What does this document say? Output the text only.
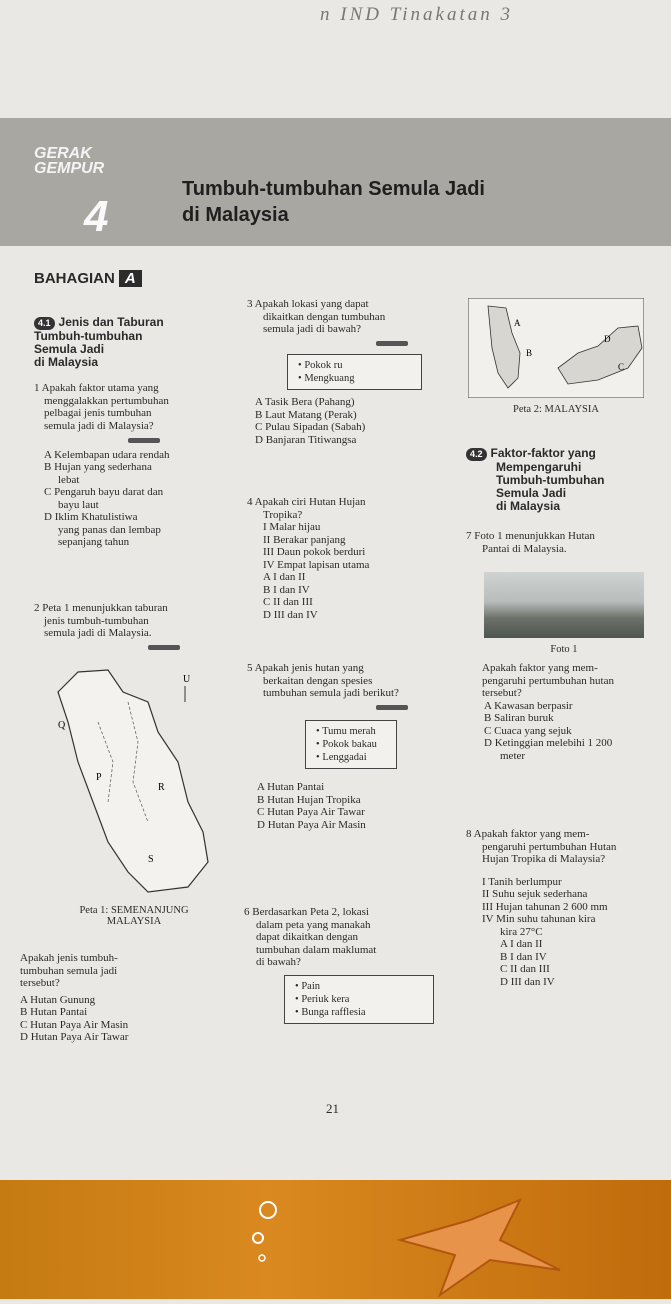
n IND Tinakatan 3
GERAK
GEMPUR
4
Tumbuh-tumbuhan Semula Jadi
di Malaysia
BAHAGIAN A
4.1 Jenis dan Taburan
Tumbuh-tumbuhan
Semula Jadi
di Malaysia
1 Apakah faktor utama yang
menggalakkan pertumbuhan
pelbagai jenis tumbuhan
semula jadi di Malaysia?
A Kelembapan udara rendah
B Hujan yang sederhana
lebat
C Pengaruh bayu darat dan
bayu laut
D Iklim Khatulistiwa
yang panas dan lembap
sepanjang tahun
2 Peta 1 menunjukkan taburan
jenis tumbuh-tumbuhan
semula jadi di Malaysia.
U
Q
P
R
S
Peta 1: SEMENANJUNG
MALAYSIA
Apakah jenis tumbuh-
tumbuhan semula jadi
tersebut?
A Hutan Gunung
B Hutan Pantai
C Hutan Paya Air Masin
D Hutan Paya Air Tawar
3 Apakah lokasi yang dapat
dikaitkan dengan tumbuhan
semula jadi di bawah?
• Pokok ru
• Mengkuang
A Tasik Bera (Pahang)
B Laut Matang (Perak)
C Pulau Sipadan (Sabah)
D Banjaran Titiwangsa
4 Apakah ciri Hutan Hujan
Tropika?
I Malar hijau
II Berakar panjang
III Daun pokok berduri
IV Empat lapisan utama
A I dan II
B I dan IV
C II dan III
D III dan IV
5 Apakah jenis hutan yang
berkaitan dengan spesies
tumbuhan semula jadi berikut?
• Tumu merah
• Pokok bakau
• Lenggadai
A Hutan Pantai
B Hutan Hujan Tropika
C Hutan Paya Air Tawar
D Hutan Paya Air Masin
6 Berdasarkan Peta 2, lokasi
dalam peta yang manakah
dapat dikaitkan dengan
tumbuhan dalam maklumat
di bawah?
• Pain
• Periuk kera
• Bunga rafflesia
A
B
C
D
Peta 2: MALAYSIA
4.2 Faktor-faktor yang
Mempengaruhi
Tumbuh-tumbuhan
Semula Jadi
di Malaysia
7 Foto 1 menunjukkan Hutan
Pantai di Malaysia.
Foto 1
Apakah faktor yang mem-
pengaruhi pertumbuhan hutan
tersebut?
A Kawasan berpasir
B Saliran buruk
C Cuaca yang sejuk
D Ketinggian melebihi 1 200
meter
8 Apakah faktor yang mem-
pengaruhi pertumbuhan Hutan
Hujan Tropika di Malaysia?
I Tanih berlumpur
II Suhu sejuk sederhana
III Hujan tahunan 2 600 mm
IV Min suhu tahunan kira
kira 27°C
A I dan II
B I dan IV
C II dan III
D III dan IV
21
